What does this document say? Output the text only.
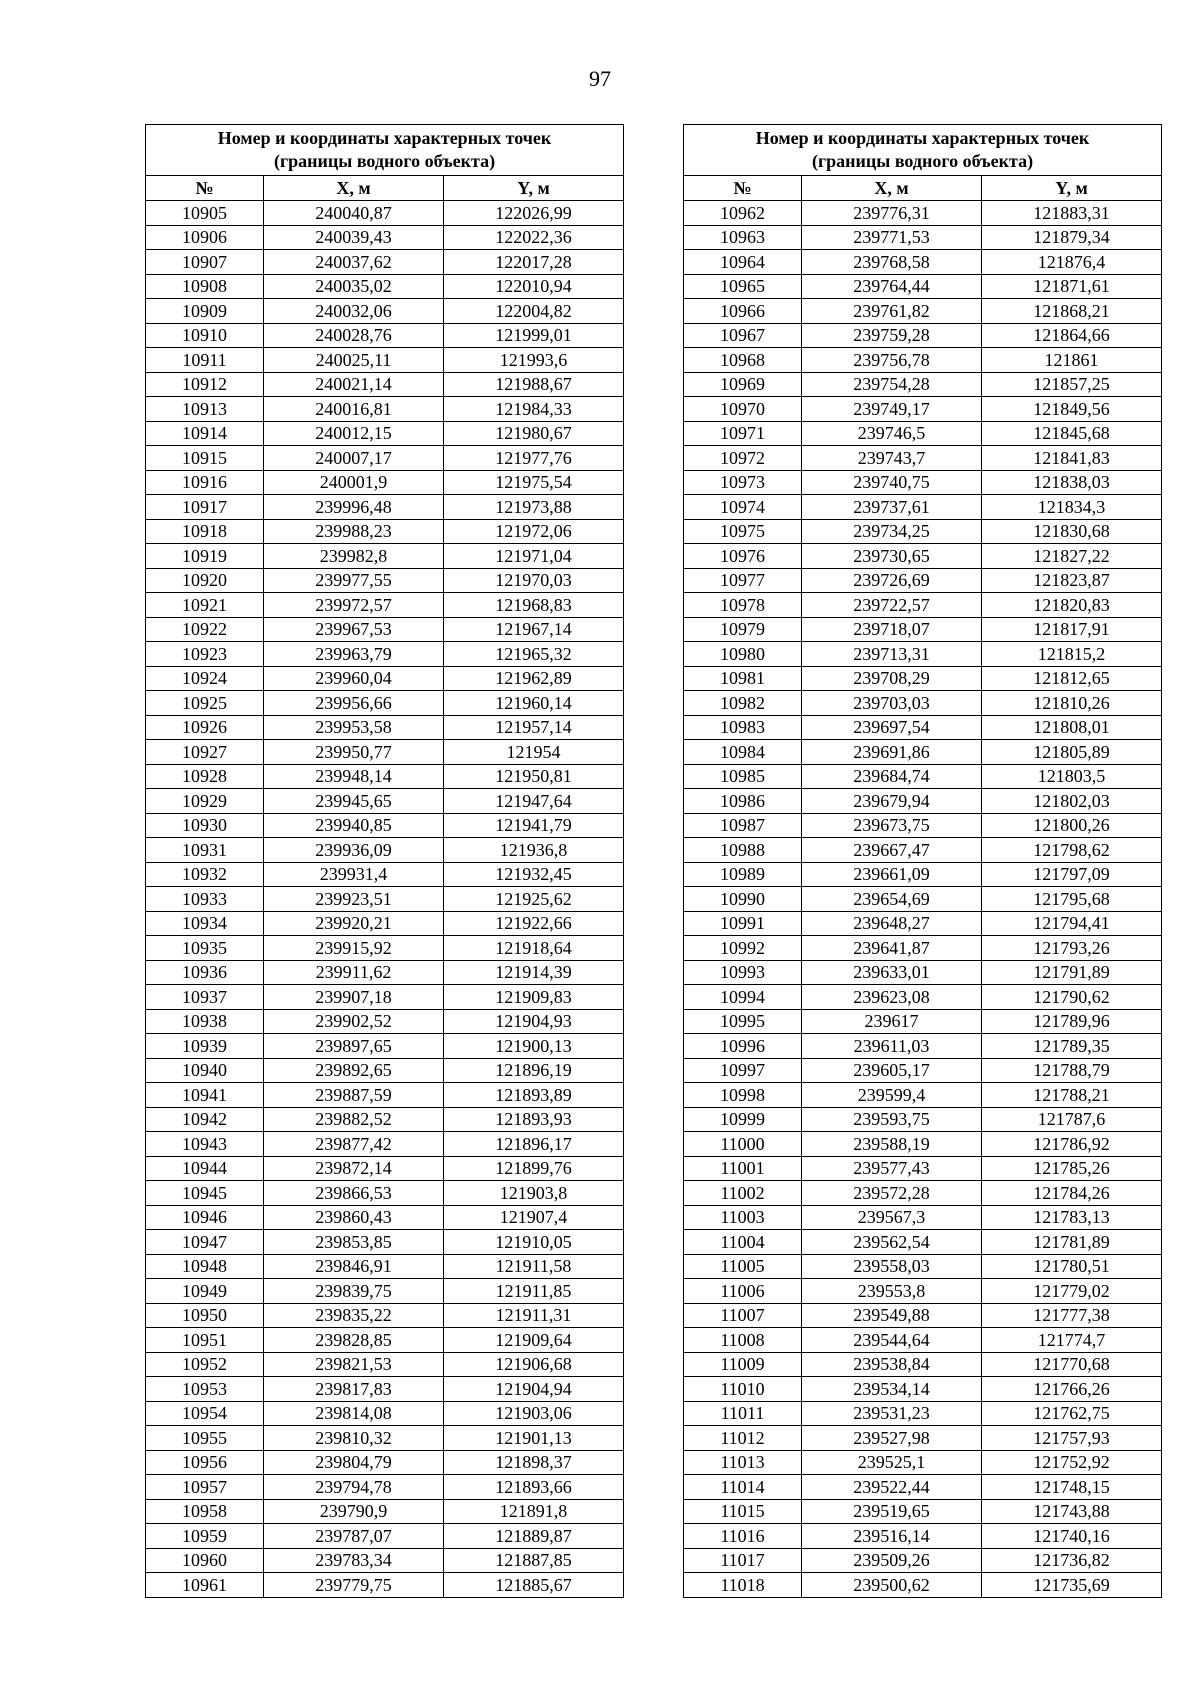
97
Номер и координаты характерных точек
(границы водного объекта)		
№	X, м	Y, м
10905	240040,87	122026,99
10906	240039,43	122022,36
10907	240037,62	122017,28
10908	240035,02	122010,94
10909	240032,06	122004,82
10910	240028,76	121999,01
10911	240025,11	121993,6
10912	240021,14	121988,67
10913	240016,81	121984,33
10914	240012,15	121980,67
10915	240007,17	121977,76
10916	240001,9	121975,54
10917	239996,48	121973,88
10918	239988,23	121972,06
10919	239982,8	121971,04
10920	239977,55	121970,03
10921	239972,57	121968,83
10922	239967,53	121967,14
10923	239963,79	121965,32
10924	239960,04	121962,89
10925	239956,66	121960,14
10926	239953,58	121957,14
10927	239950,77	121954
10928	239948,14	121950,81
10929	239945,65	121947,64
10930	239940,85	121941,79
10931	239936,09	121936,8
10932	239931,4	121932,45
10933	239923,51	121925,62
10934	239920,21	121922,66
10935	239915,92	121918,64
10936	239911,62	121914,39
10937	239907,18	121909,83
10938	239902,52	121904,93
10939	239897,65	121900,13
10940	239892,65	121896,19
10941	239887,59	121893,89
10942	239882,52	121893,93
10943	239877,42	121896,17
10944	239872,14	121899,76
10945	239866,53	121903,8
10946	239860,43	121907,4
10947	239853,85	121910,05
10948	239846,91	121911,58
10949	239839,75	121911,85
10950	239835,22	121911,31
10951	239828,85	121909,64
10952	239821,53	121906,68
10953	239817,83	121904,94
10954	239814,08	121903,06
10955	239810,32	121901,13
10956	239804,79	121898,37
10957	239794,78	121893,66
10958	239790,9	121891,8
10959	239787,07	121889,87
10960	239783,34	121887,85
10961	239779,75	121885,67
Номер и координаты характерных точек
(границы водного объекта)		
№	X, м	Y, м
10962	239776,31	121883,31
10963	239771,53	121879,34
10964	239768,58	121876,4
10965	239764,44	121871,61
10966	239761,82	121868,21
10967	239759,28	121864,66
10968	239756,78	121861
10969	239754,28	121857,25
10970	239749,17	121849,56
10971	239746,5	121845,68
10972	239743,7	121841,83
10973	239740,75	121838,03
10974	239737,61	121834,3
10975	239734,25	121830,68
10976	239730,65	121827,22
10977	239726,69	121823,87
10978	239722,57	121820,83
10979	239718,07	121817,91
10980	239713,31	121815,2
10981	239708,29	121812,65
10982	239703,03	121810,26
10983	239697,54	121808,01
10984	239691,86	121805,89
10985	239684,74	121803,5
10986	239679,94	121802,03
10987	239673,75	121800,26
10988	239667,47	121798,62
10989	239661,09	121797,09
10990	239654,69	121795,68
10991	239648,27	121794,41
10992	239641,87	121793,26
10993	239633,01	121791,89
10994	239623,08	121790,62
10995	239617	121789,96
10996	239611,03	121789,35
10997	239605,17	121788,79
10998	239599,4	121788,21
10999	239593,75	121787,6
11000	239588,19	121786,92
11001	239577,43	121785,26
11002	239572,28	121784,26
11003	239567,3	121783,13
11004	239562,54	121781,89
11005	239558,03	121780,51
11006	239553,8	121779,02
11007	239549,88	121777,38
11008	239544,64	121774,7
11009	239538,84	121770,68
11010	239534,14	121766,26
11011	239531,23	121762,75
11012	239527,98	121757,93
11013	239525,1	121752,92
11014	239522,44	121748,15
11015	239519,65	121743,88
11016	239516,14	121740,16
11017	239509,26	121736,82
11018	239500,62	121735,69
